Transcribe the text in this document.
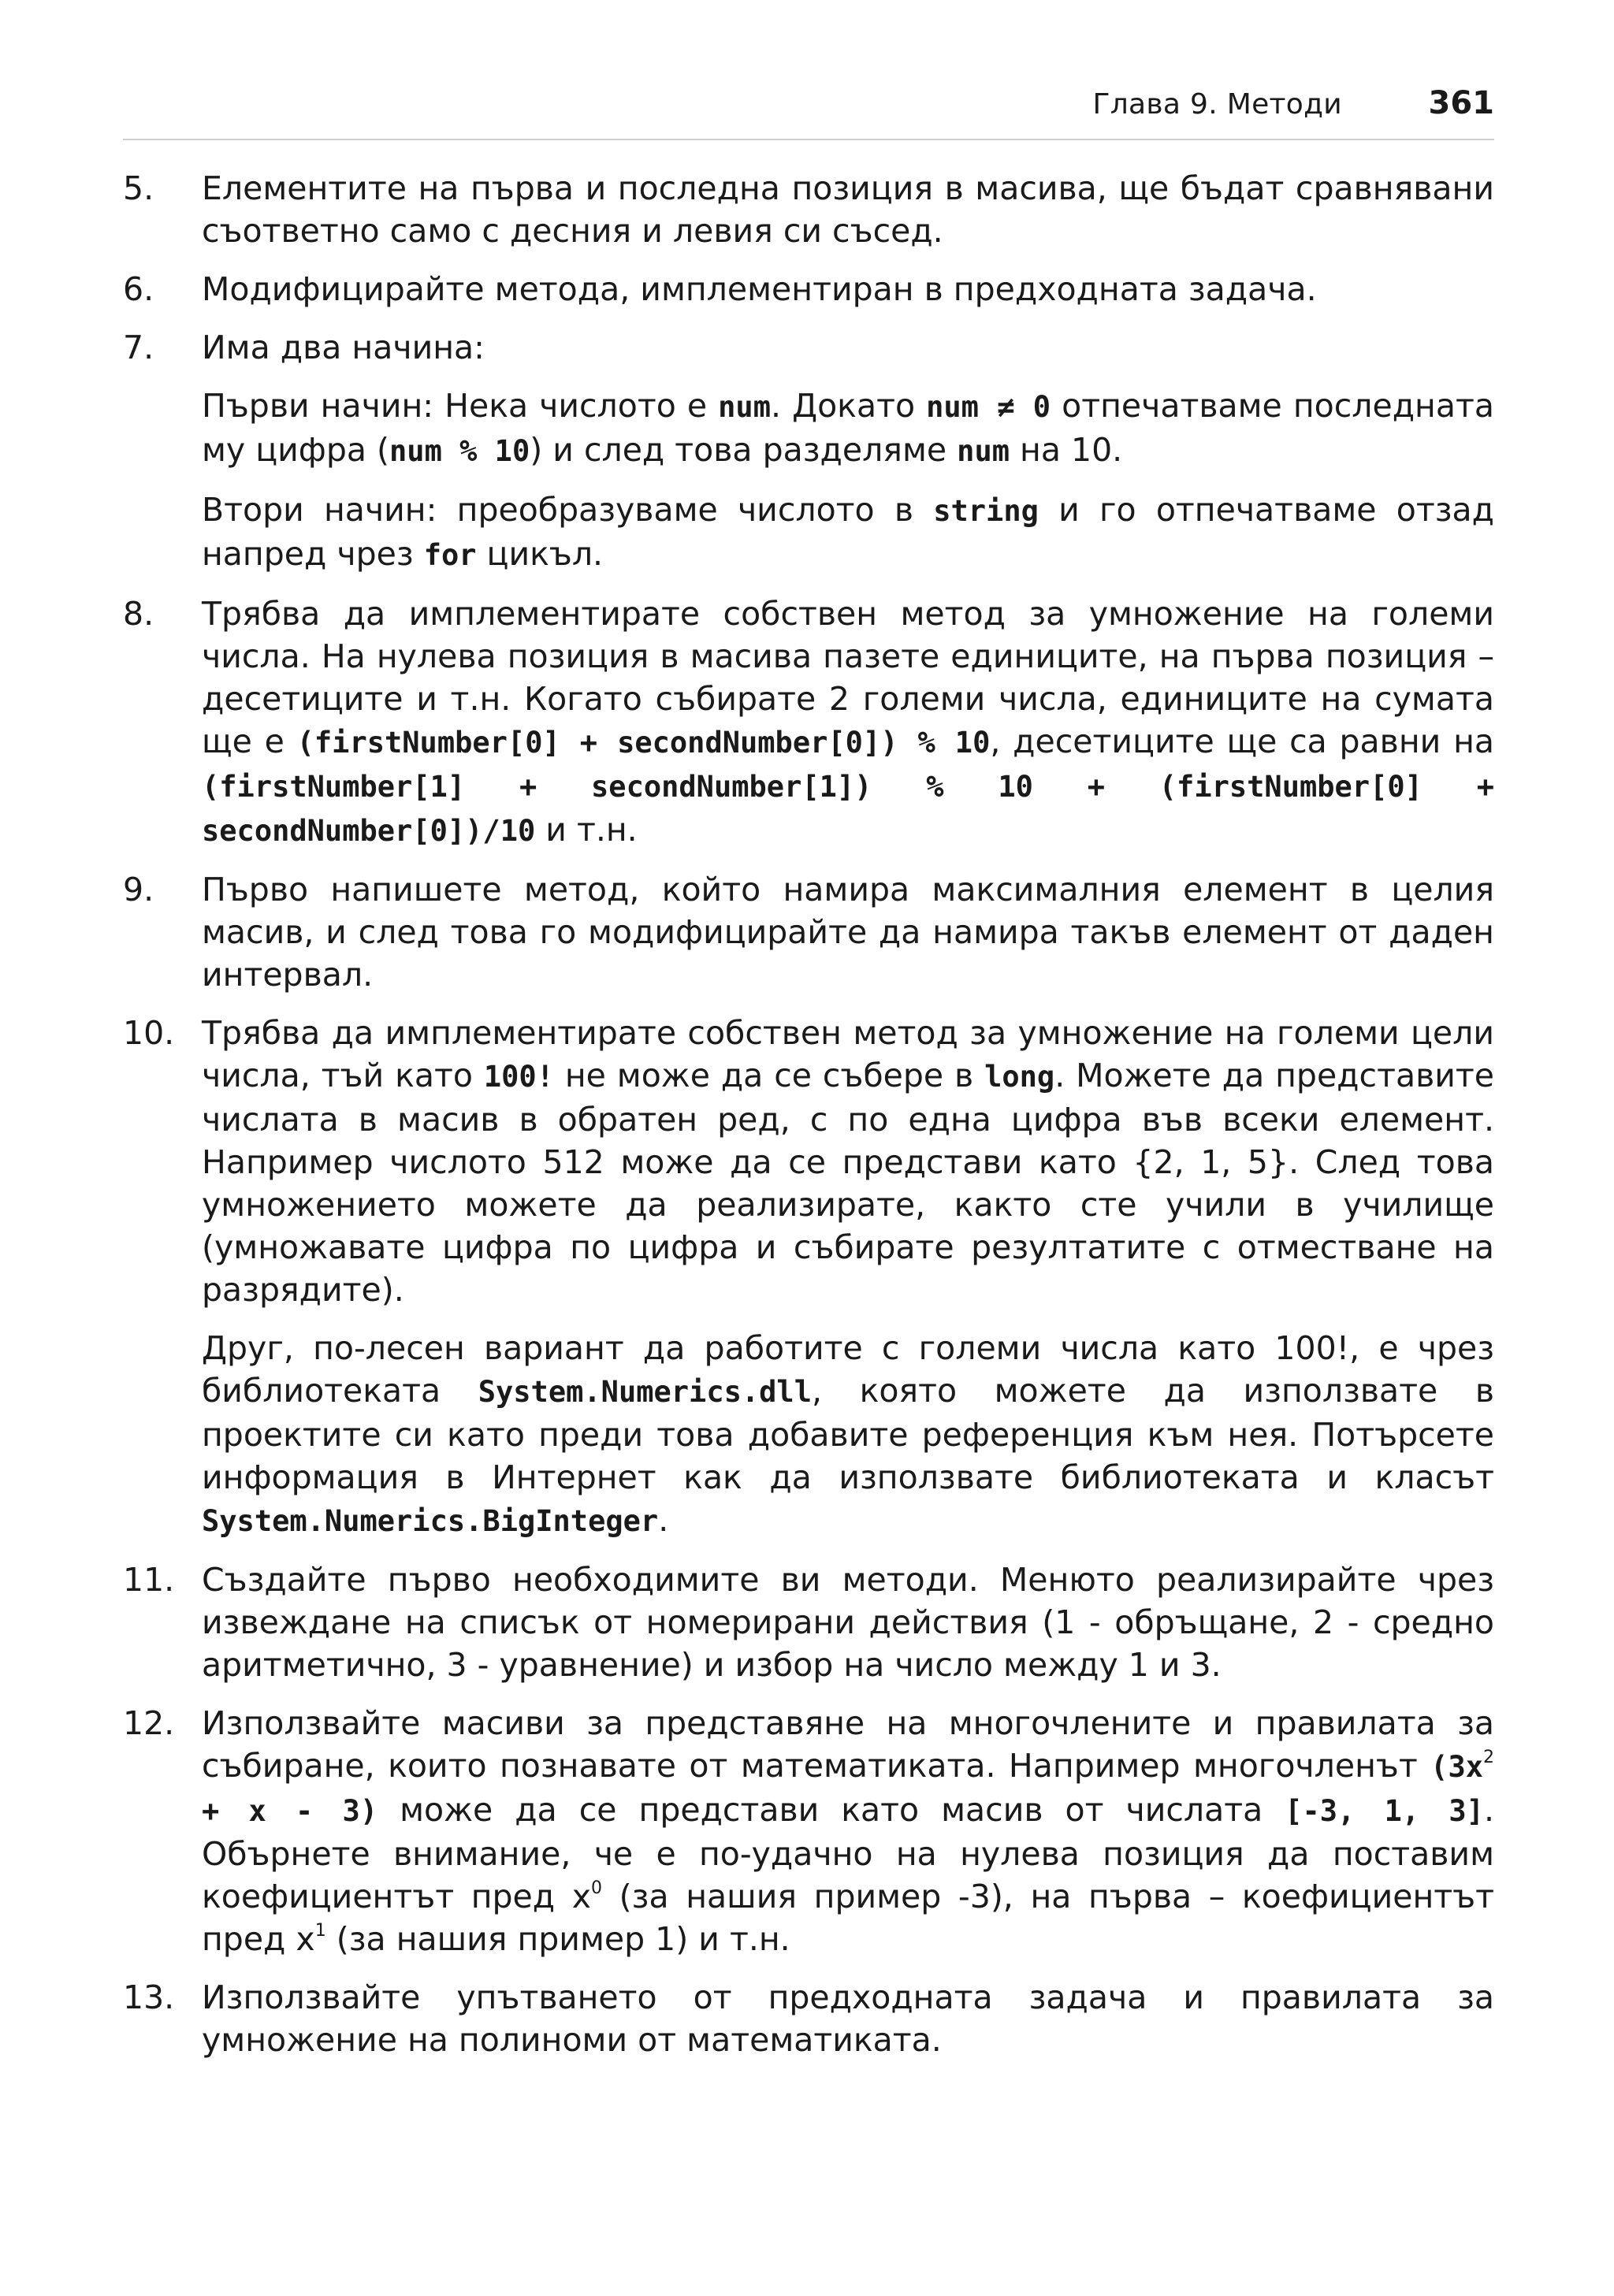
Глава 9. Методи	361
5. Елементите на първа и последна позиция в масива, ще бъдат сравнявани съответно само с десния и левия си съсед.

6. Модифицирайте метода, имплементиран в предходната задача.

7. Има два начина:

Първи начин: Нека числото е num. Докато num ≠ 0 отпечатваме последната му цифра (num % 10) и след това разделяме num на 10.

Втори начин: преобразуваме числото в string и го отпечатваме отзад напред чрез for цикъл.

8. Трябва да имплементирате собствен метод за умножение на големи числа. На нулева позиция в масива пазете единиците, на първа позиция – десетиците и т.н. Когато събирате 2 големи числа, единиците на сумата ще е (firstNumber[0] + secondNumber[0]) % 10, десетиците ще са равни на (firstNumber[1] + secondNumber[1]) % 10 + (firstNumber[0] + secondNumber[0])/10 и т.н.

9. Първо напишете метод, който намира максималния елемент в целия масив, и след това го модифицирайте да намира такъв елемент от даден интервал.

10. Трябва да имплементирате собствен метод за умножение на големи цели числа, тъй като 100! не може да се събере в long. Можете да представите числата в масив в обратен ред, с по една цифра във всеки елемент. Например числото 512 може да се представи като {2, 1, 5}. След това умножението можете да реализирате, както сте учили в училище (умножавате цифра по цифра и събирате резултатите с отместване на разрядите).

Друг, по-лесен вариант да работите с големи числа като 100!, е чрез библиотеката System.Numerics.dll, която можете да използвате в проектите си като преди това добавите референция към нея. Потърсете информация в Интернет как да използвате библиотеката и класът System.Numerics.BigInteger.

11. Създайте първо необходимите ви методи. Менюто реализирайте чрез извеждане на списък от номерирани действия (1 - обръщане, 2 - средно аритметично, 3 - уравнение) и избор на число между 1 и 3.

12. Използвайте масиви за представяне на многочлените и правилата за събиране, които познавате от математиката. Например многочленът $(3x^2 + x - 3)$ може да се представи като масив от числата [-3, 1, 3]. Обърнете внимание, че е по-удачно на нулева позиция да поставим коефициентът пред $x^0$ (за нашия пример -3), на първа – коефициентът пред $x^1$ (за нашия пример 1) и т.н.

13. Използвайте упътването от предходната задача и правилата за умножение на полиноми от математиката.
